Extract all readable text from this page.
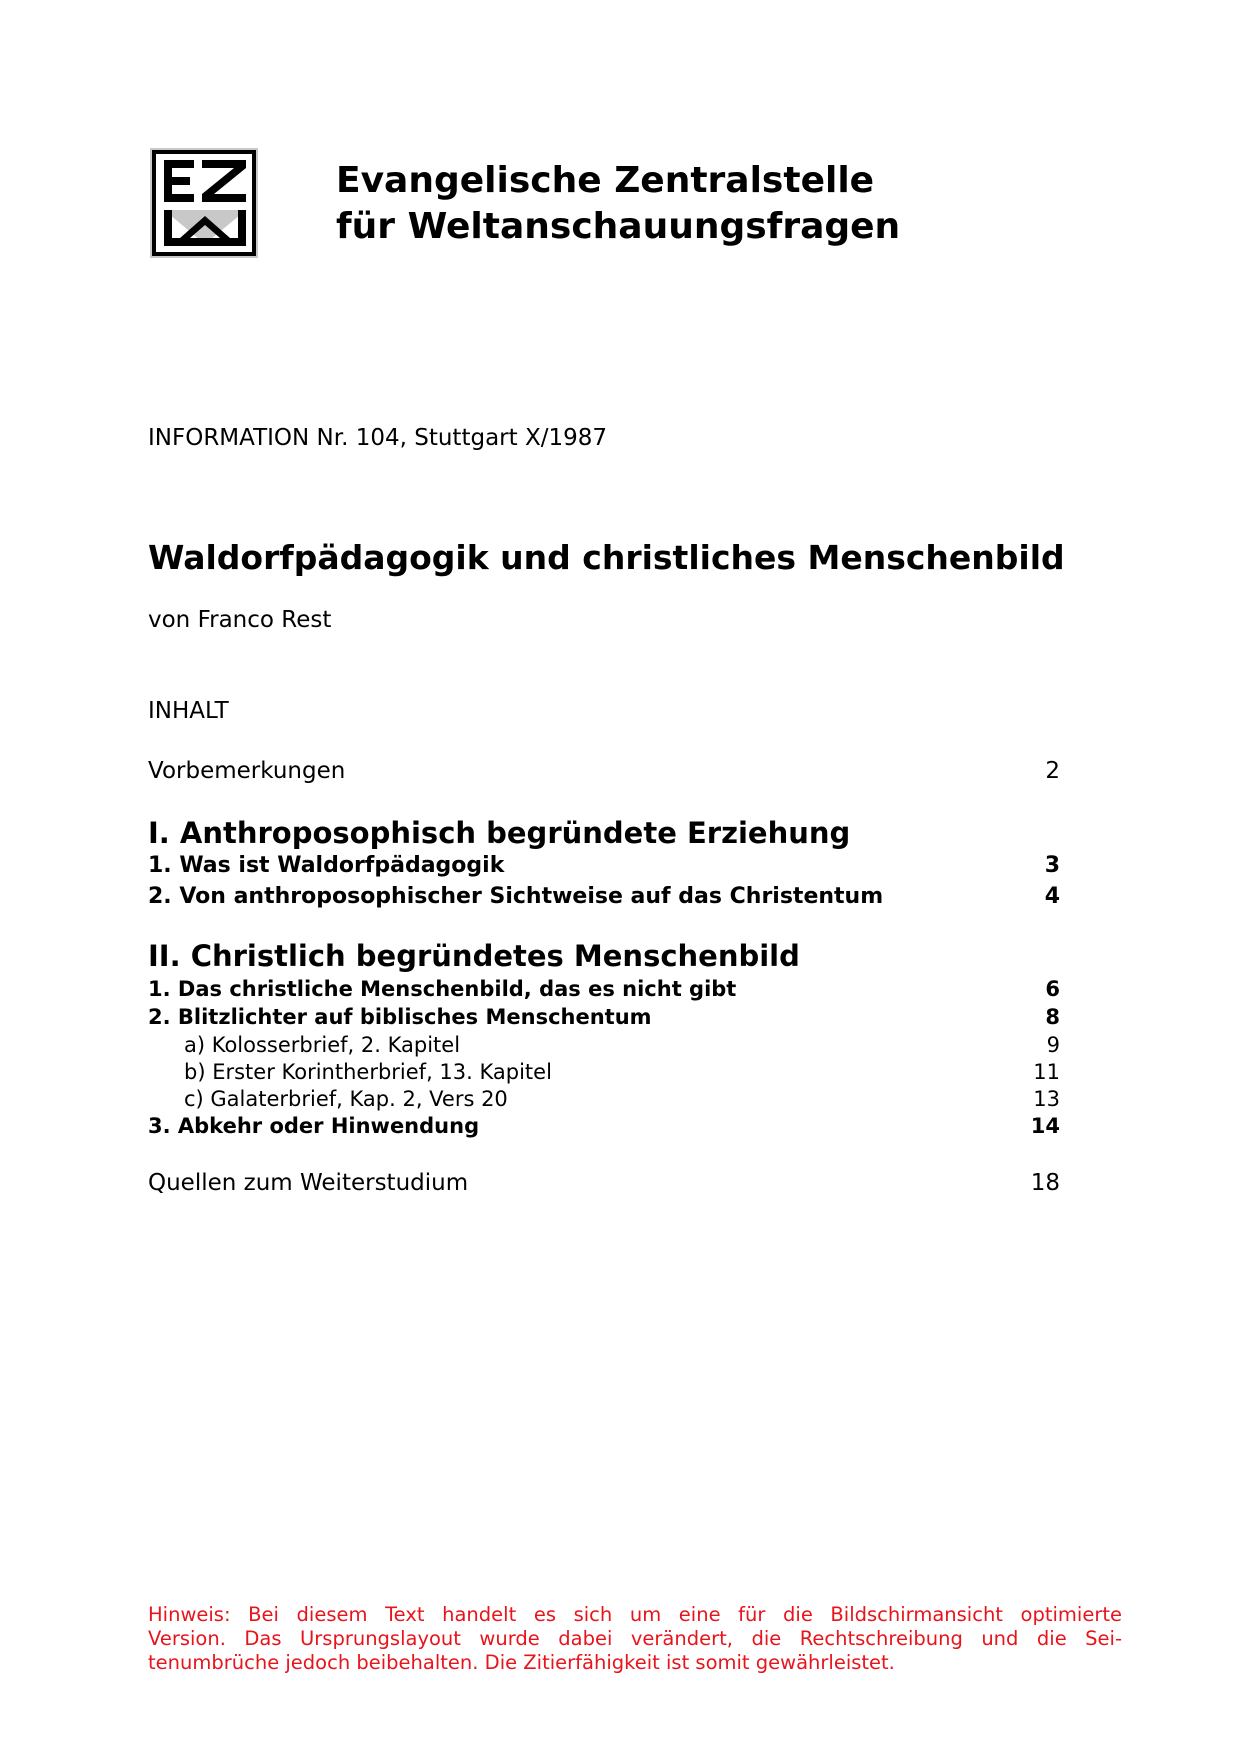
Evangelische Zentralstelle
für Weltanschauungsfragen
INFORMATION Nr. 104, Stuttgart X/1987
Waldorfpädagogik und christliches Menschenbild
von Franco Rest
INHALT
Vorbemerkungen	2
I. Anthroposophisch begründete Erziehung
1. Was ist Waldorfpädagogik	3
2. Von anthroposophischer Sichtweise auf das Christentum	4
II. Christlich begründetes Menschenbild
1. Das christliche Menschenbild, das es nicht gibt	6
2. Blitzlichter auf biblisches Menschentum	8
a) Kolosserbrief, 2. Kapitel	9
b) Erster Korintherbrief, 13. Kapitel	11
c) Galaterbrief, Kap. 2, Vers 20	13
3. Abkehr oder Hinwendung	14
Quellen zum Weiterstudium	18
Hinweis: Bei diesem Text handelt es sich um eine für die Bildschirmansicht optimierte
Version. Das Ursprungslayout wurde dabei verändert, die Rechtschreibung und die Sei-
tenumbrüche jedoch beibehalten. Die Zitierfähigkeit ist somit gewährleistet.
